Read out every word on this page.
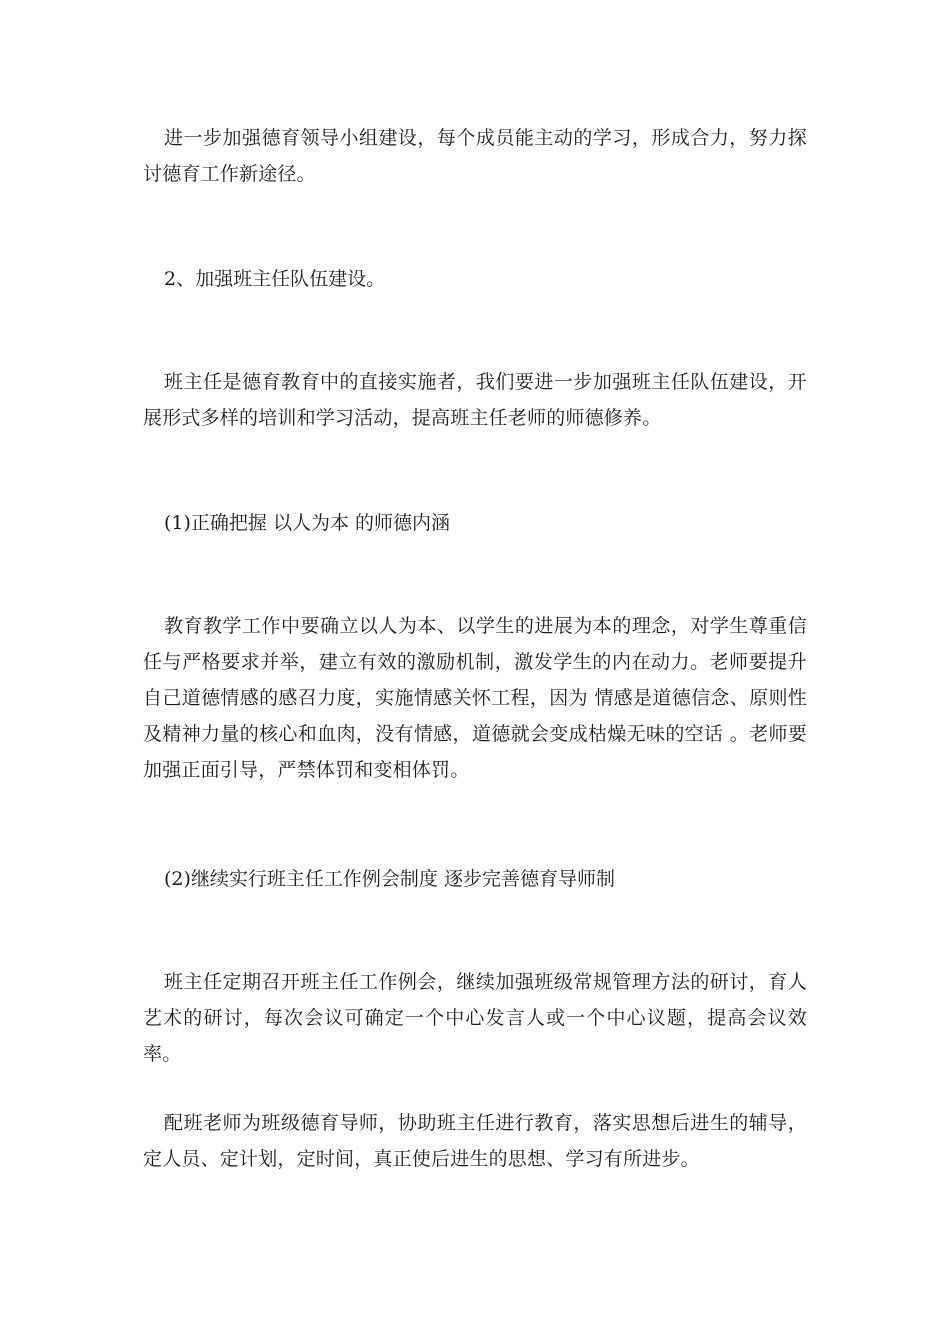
进一步加强德育领导小组建设，每个成员能主动的学习，形成合力，努力探讨德育工作新途径。

2、加强班主任队伍建设。

班主任是德育教育中的直接实施者，我们要进一步加强班主任队伍建设，开展形式多样的培训和学习活动，提高班主任老师的师德修养。

(1)正确把握 以人为本 的师德内涵

教育教学工作中要确立以人为本、以学生的进展为本的理念，对学生尊重信任与严格要求并举，建立有效的激励机制，激发学生的内在动力。老师要提升自己道德情感的感召力度，实施情感关怀工程，因为 情感是道德信念、原则性及精神力量的核心和血肉，没有情感，道德就会变成枯燥无味的空话 。老师要加强正面引导，严禁体罚和变相体罚。

(2)继续实行班主任工作例会制度 逐步完善德育导师制

班主任定期召开班主任工作例会，继续加强班级常规管理方法的研讨，育人艺术的研讨，每次会议可确定一个中心发言人或一个中心议题，提高会议效率。

配班老师为班级德育导师，协助班主任进行教育，落实思想后进生的辅导，定人员、定计划，定时间，真正使后进生的思想、学习有所进步。
